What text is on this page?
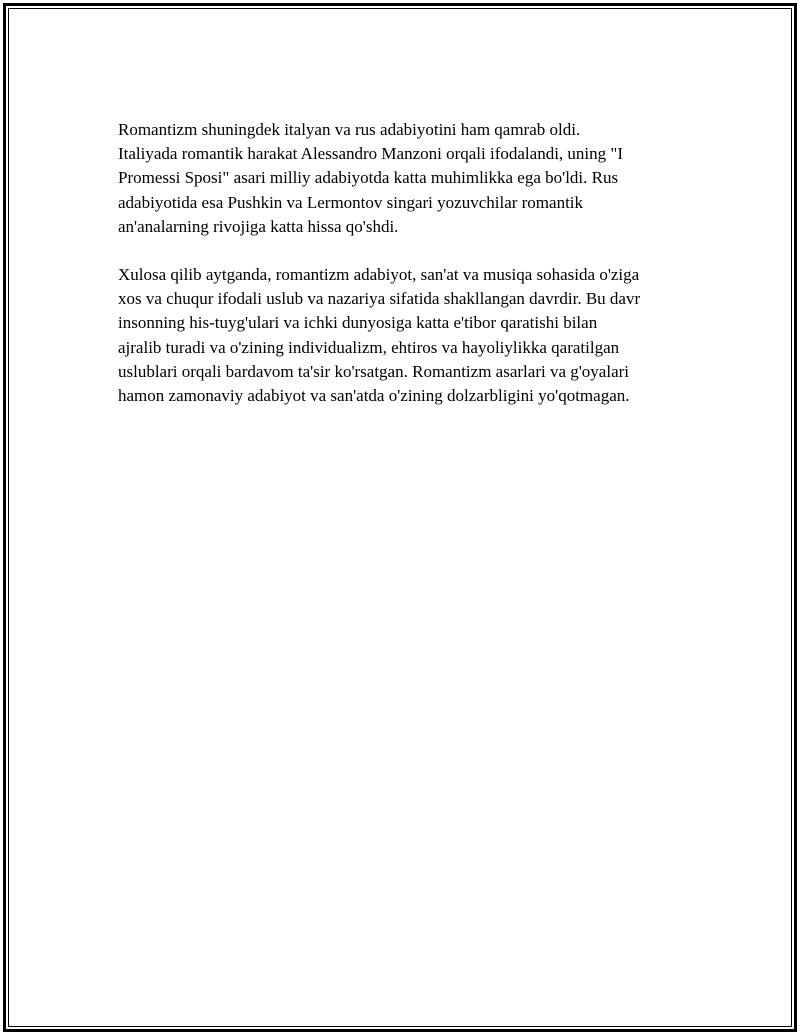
Romantizm shuningdek italyan va rus adabiyotini ham qamrab oldi.
Italiyada romantik harakat Alessandro Manzoni orqali ifodalandi, uning "I
Promessi Sposi" asari milliy adabiyotda katta muhimlikka ega bo'ldi. Rus
adabiyotida esa Pushkin va Lermontov singari yozuvchilar romantik
an'analarning rivojiga katta hissa qo'shdi.

Xulosa qilib aytganda, romantizm adabiyot, san'at va musiqa sohasida o'ziga
xos va chuqur ifodali uslub va nazariya sifatida shakllangan davrdir. Bu davr
insonning his-tuyg'ulari va ichki dunyosiga katta e'tibor qaratishi bilan
ajralib turadi va o'zining individualizm, ehtiros va hayoliylikka qaratilgan
uslublari orqali bardavom ta'sir ko'rsatgan. Romantizm asarlari va g'oyalari
hamon zamonaviy adabiyot va san'atda o'zining dolzarbligini yo'qotmagan.
